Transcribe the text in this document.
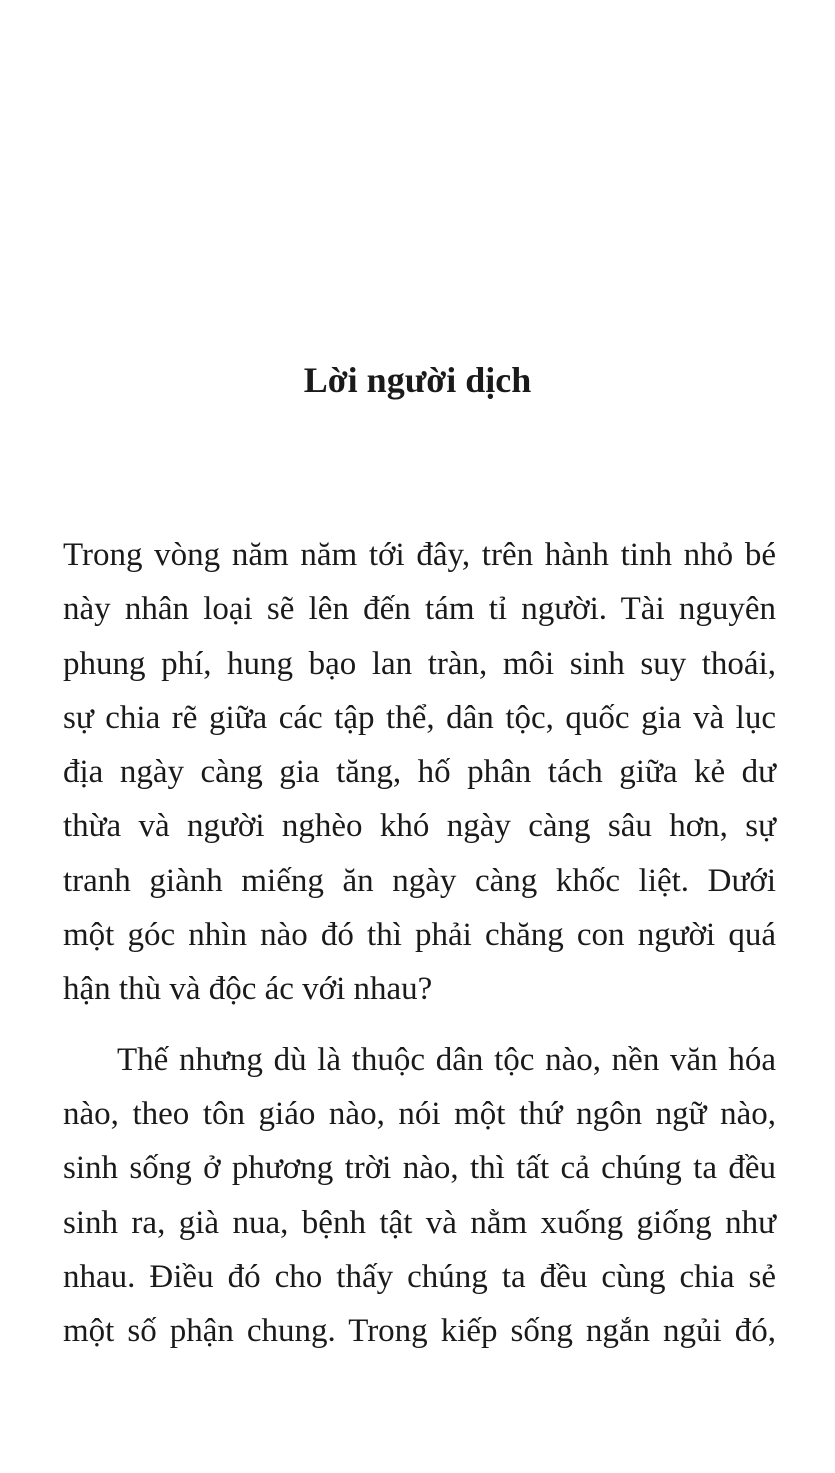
Lời người dịch

Trong vòng năm năm tới đây, trên hành tinh nhỏ bé
này nhân loại sẽ lên đến tám tỉ người. Tài nguyên
phung phí, hung bạo lan tràn, môi sinh suy thoái,
sự chia rẽ giữa các tập thể, dân tộc, quốc gia và lục
địa ngày càng gia tăng, hố phân tách giữa kẻ dư
thừa và người nghèo khó ngày càng sâu hơn, sự
tranh giành miếng ăn ngày càng khốc liệt. Dưới
một góc nhìn nào đó thì phải chăng con người quá
hận thù và độc ác với nhau?

Thế nhưng dù là thuộc dân tộc nào, nền văn hóa
nào, theo tôn giáo nào, nói một thứ ngôn ngữ nào,
sinh sống ở phương trời nào, thì tất cả chúng ta đều
sinh ra, già nua, bệnh tật và nằm xuống giống như
nhau. Điều đó cho thấy chúng ta đều cùng chia sẻ
một số phận chung. Trong kiếp sống ngắn ngủi đó,
